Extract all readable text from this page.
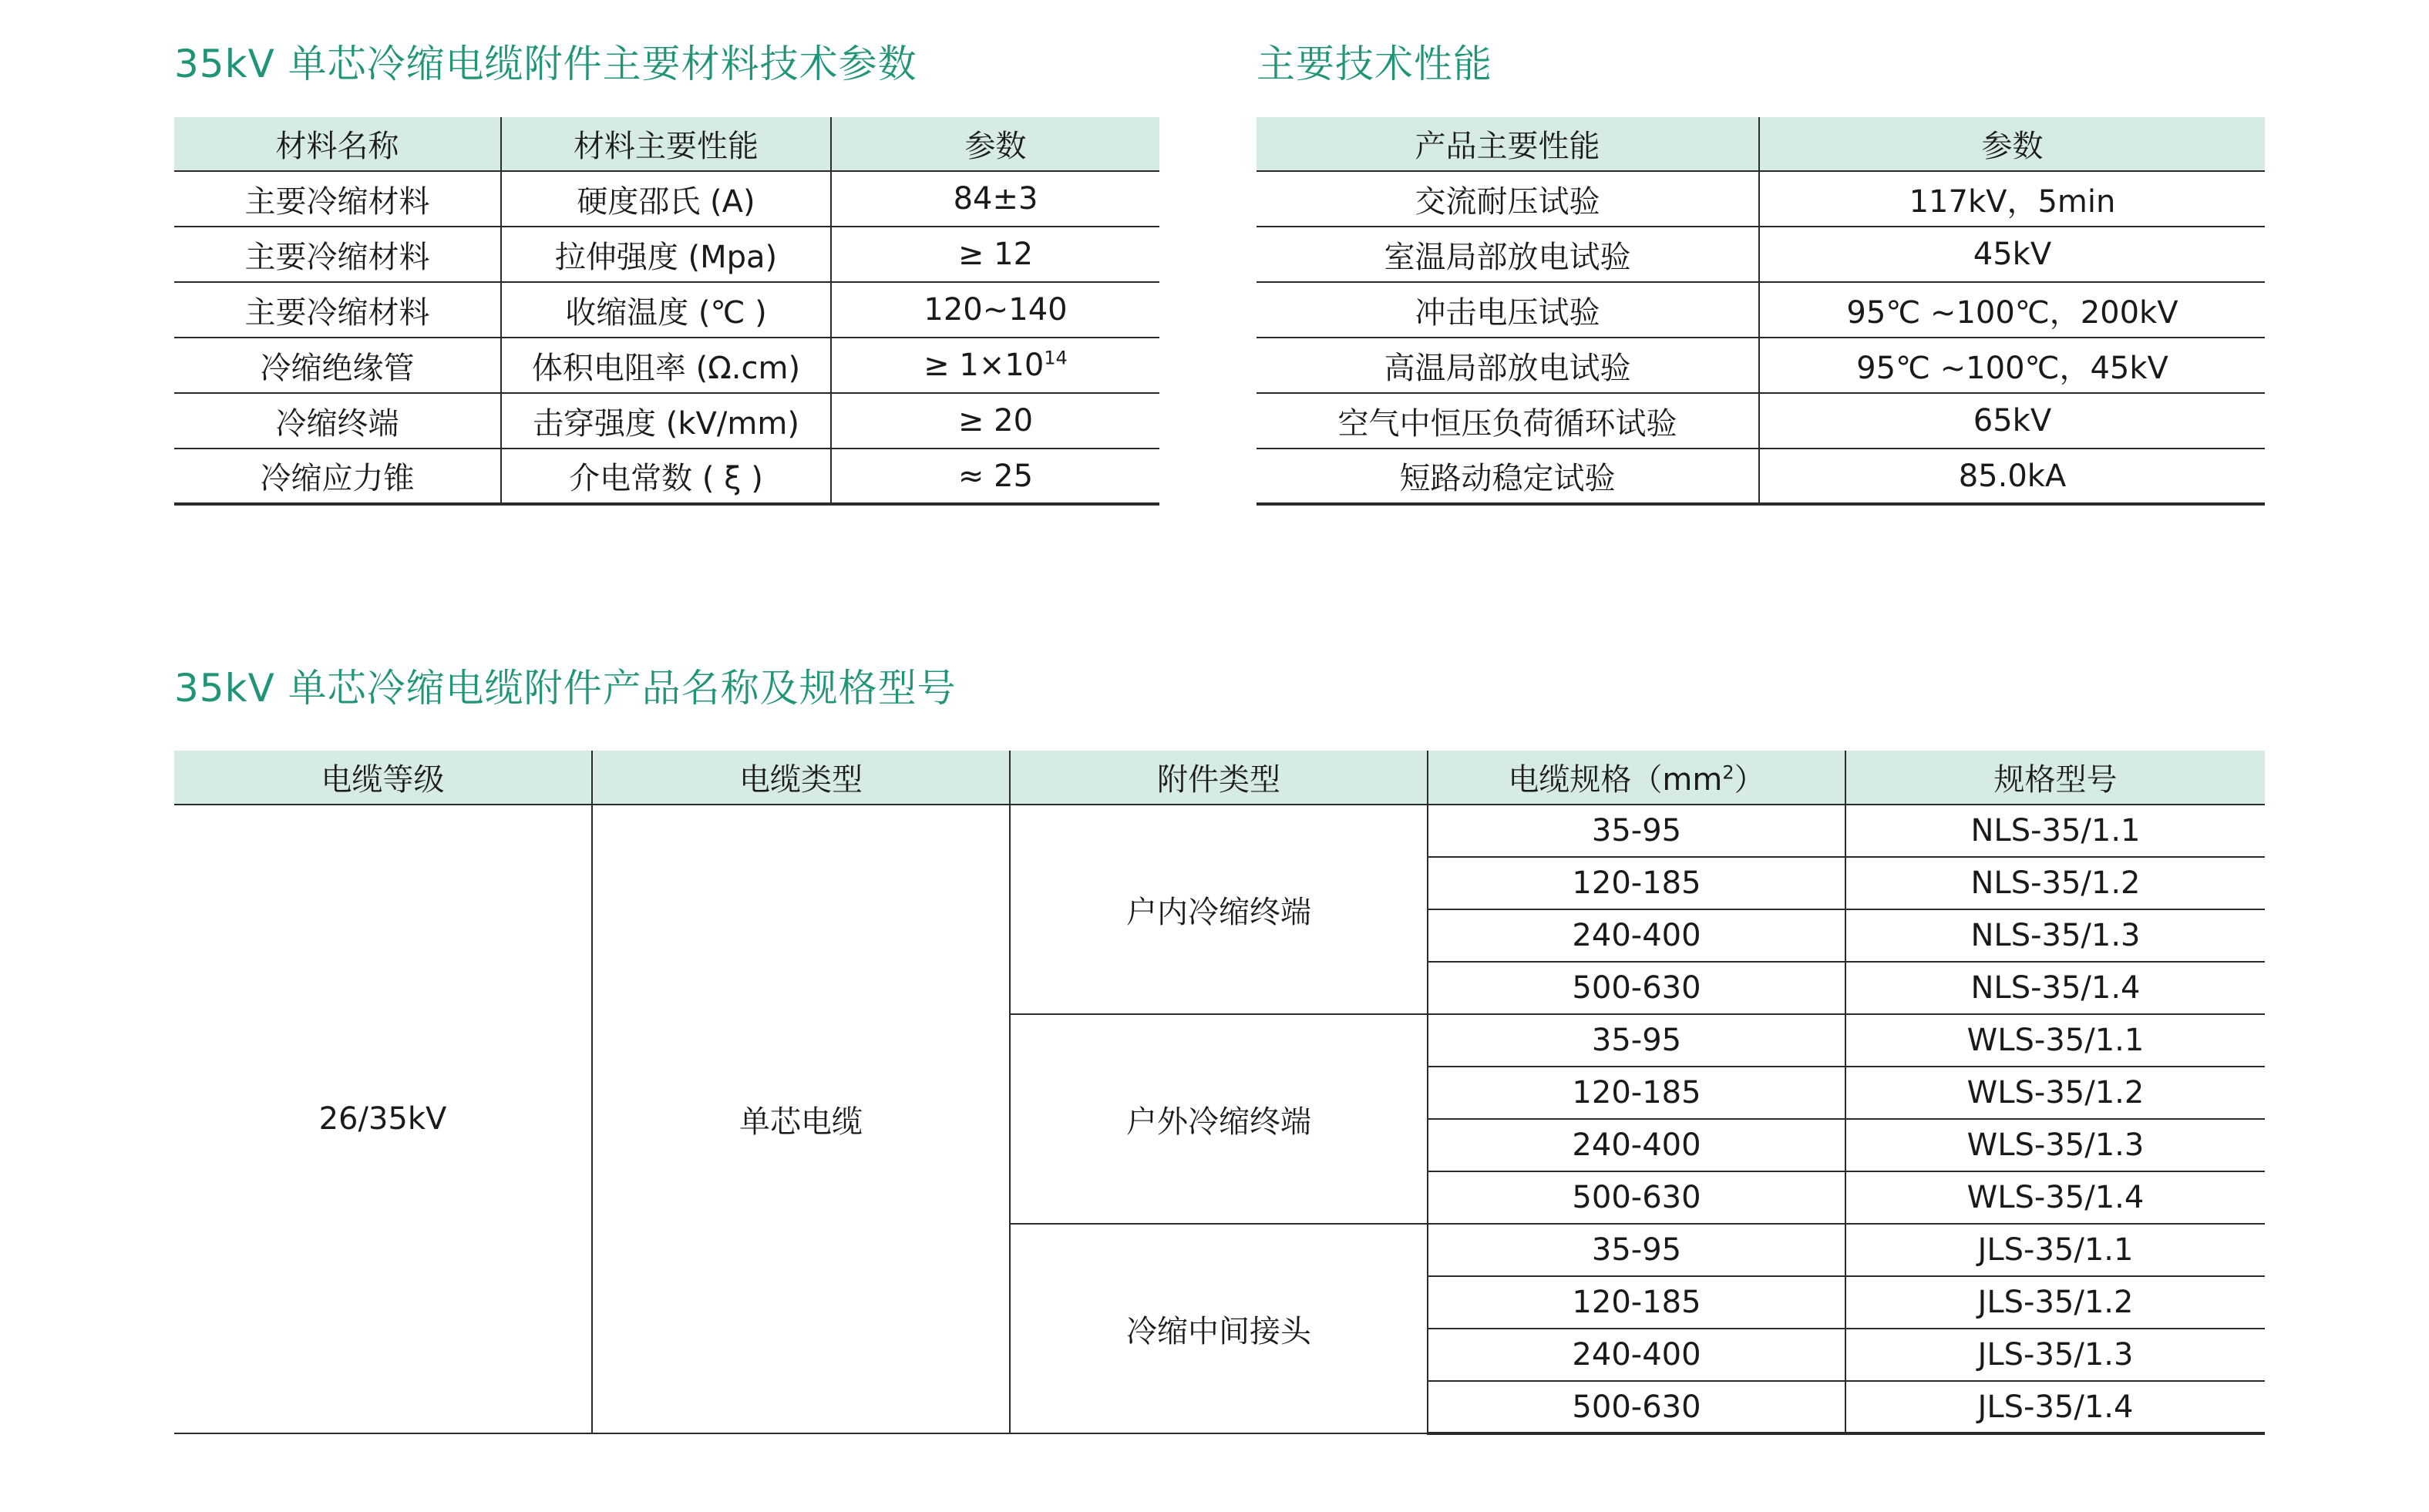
35kV 单芯冷缩电缆附件主要材料技术参数
材料名称	材料主要性能	参数
主要冷缩材料	硬度邵氏 (A)	84±3
主要冷缩材料	拉伸强度 (Mpa)	≥ 12
主要冷缩材料	收缩温度 (℃ )	120~140
冷缩绝缘管	体积电阻率 (Ω.cm)	≥ $1\times 10^{14}$
冷缩终端	击穿强度 (kV/mm)	≥ 20
冷缩应力锥	介电常数 ( ξ )	≈ 25
主要技术性能
产品主要性能	参数
交流耐压试验	117kV，5min
室温局部放电试验	45kV
冲击电压试验	95℃ ~100℃，200kV
高温局部放电试验	95℃ ~100℃，45kV
空气中恒压负荷循环试验	65kV
短路动稳定试验	85.0kA
35kV 单芯冷缩电缆附件产品名称及规格型号
电缆等级	电缆类型	附件类型	电缆规格$(mm^2)$	规格型号
26/35kV	单芯电缆	户内冷缩终端	35-95	NLS-35/1.1
			120-185	NLS-35/1.2
			240-400	NLS-35/1.3
			500-630	NLS-35/1.4
		户外冷缩终端	35-95	WLS-35/1.1
			120-185	WLS-35/1.2
			240-400	WLS-35/1.3
			500-630	WLS-35/1.4
		冷缩中间接头	35-95	JLS-35/1.1
			120-185	JLS-35/1.2
			240-400	JLS-35/1.3
			500-630	JLS-35/1.4
